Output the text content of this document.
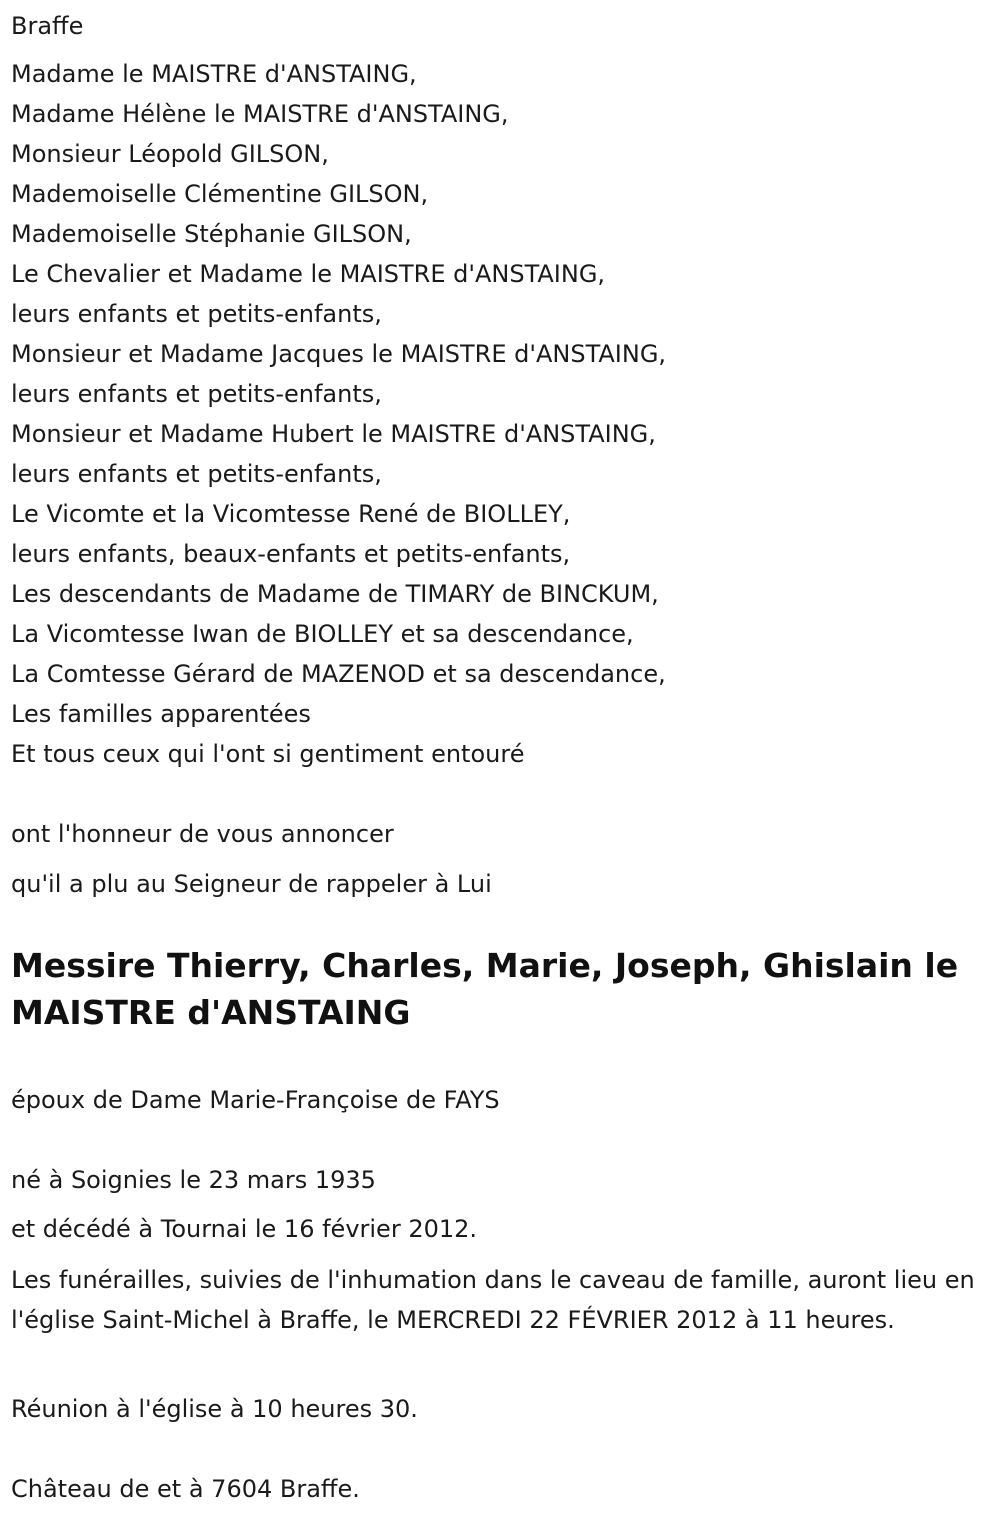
Braffe
Madame le MAISTRE d'ANSTAING,
Madame Hélène le MAISTRE d'ANSTAING,
Monsieur Léopold GILSON,
Mademoiselle Clémentine GILSON,
Mademoiselle Stéphanie GILSON,
Le Chevalier et Madame le MAISTRE d'ANSTAING,
leurs enfants et petits-enfants,
Monsieur et Madame Jacques le MAISTRE d'ANSTAING,
leurs enfants et petits-enfants,
Monsieur et Madame Hubert le MAISTRE d'ANSTAING,
leurs enfants et petits-enfants,
Le Vicomte et la Vicomtesse René de BIOLLEY,
leurs enfants, beaux-enfants et petits-enfants,
Les descendants de Madame de TIMARY de BINCKUM,
La Vicomtesse Iwan de BIOLLEY et sa descendance,
La Comtesse Gérard de MAZENOD et sa descendance,
Les familles apparentées
Et tous ceux qui l'ont si gentiment entouré
ont l'honneur de vous annoncer
qu'il a plu au Seigneur de rappeler à Lui
Messire Thierry, Charles, Marie, Joseph, Ghislain le MAISTRE d'ANSTAING
époux de Dame Marie-Françoise de FAYS
né à Soignies le 23 mars 1935
et décédé à Tournai le 16 février 2012.
Les funérailles, suivies de l'inhumation dans le caveau de famille, auront lieu en l'église Saint-Michel à Braffe, le MERCREDI 22 FÉVRIER 2012 à 11 heures.
Réunion à l'église à 10 heures 30.
Château de et à 7604 Braffe.
